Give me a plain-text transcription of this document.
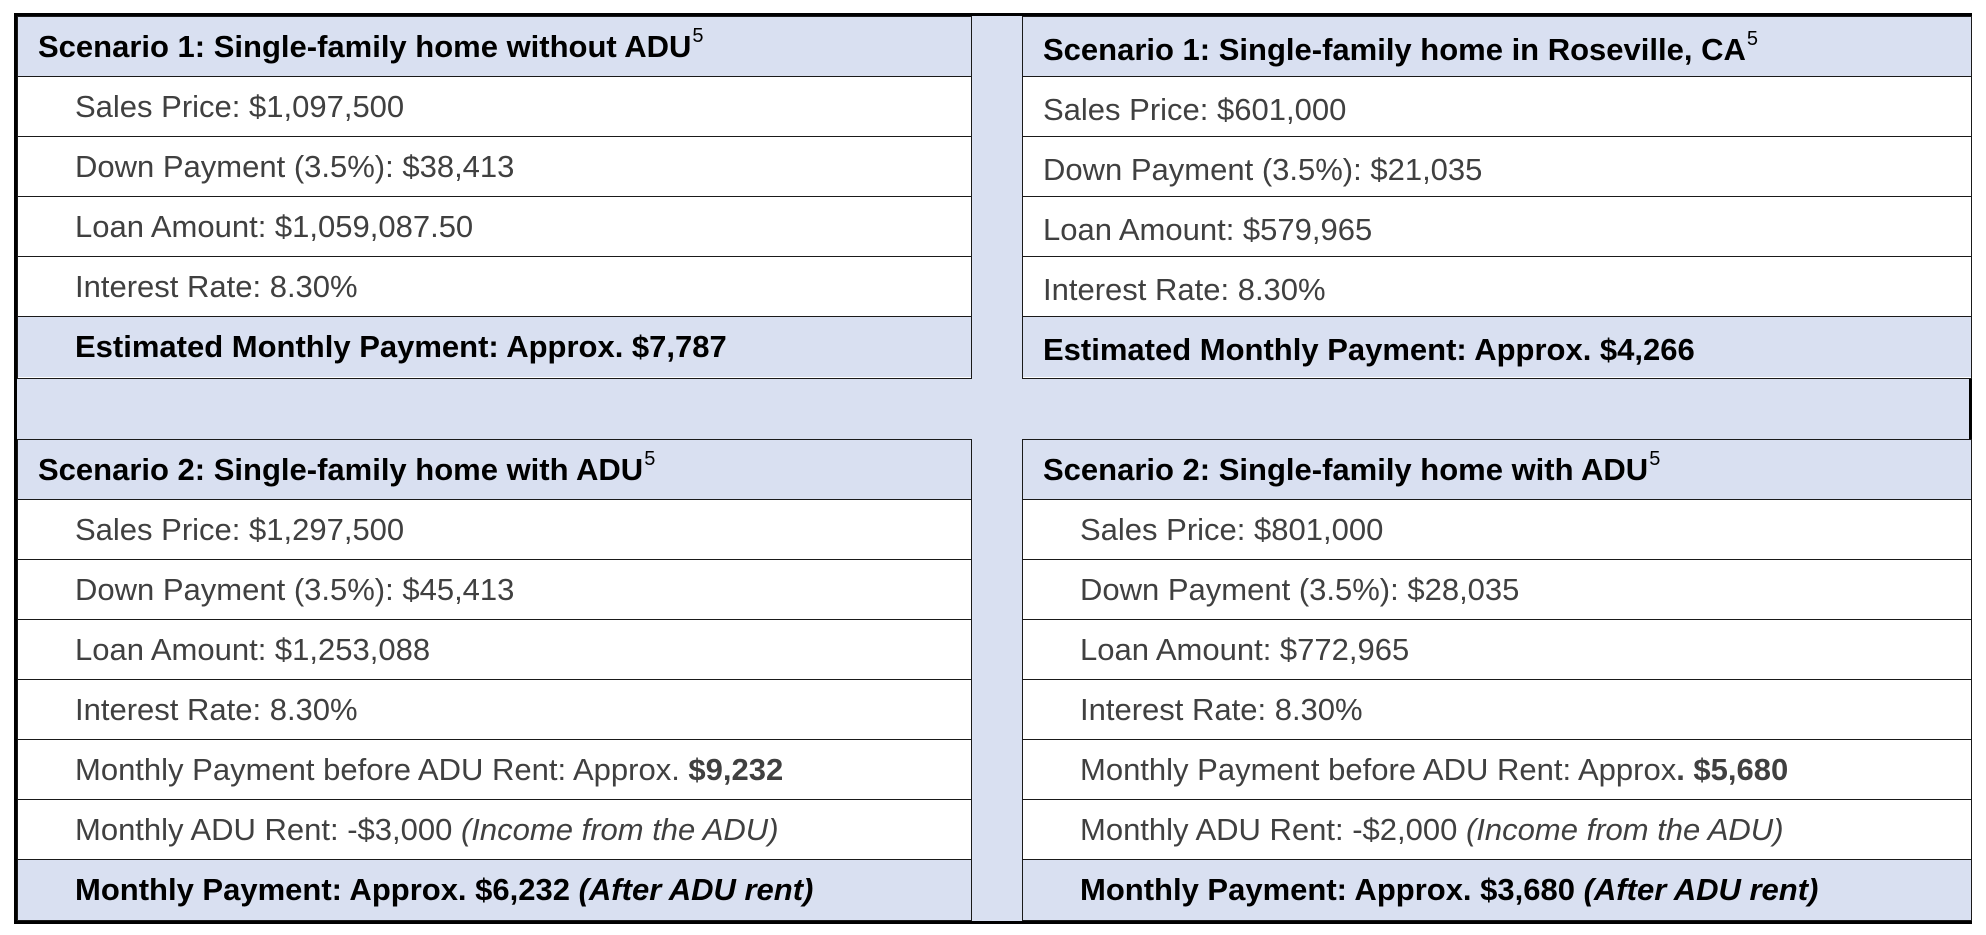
Scenario 1: Single-family home without ADU$^5$
Sales Price: $1,097,500
Down Payment (3.5%): $38,413
Loan Amount: $1,059,087.50
Interest Rate: 8.30%
Estimated Monthly Payment: Approx. $7,787
Scenario 1: Single-family home in Roseville, $CA^5$
Sales Price: $601,000
Down Payment (3.5%): $21,035
Loan Amount: $579,965
Interest Rate: 8.30%
Estimated Monthly Payment: Approx. $4,266
Scenario 2: Single-family home with ADU$^5$
Sales Price: $1,297,500
Down Payment (3.5%): $45,413
Loan Amount: $1,253,088
Interest Rate: 8.30%
Monthly Payment before ADU Rent: Approx. $9,232
Monthly ADU Rent: -$3,000 (Income from the ADU)
Monthly Payment: Approx. $6,232 (After ADU rent)
Scenario 2: Single-family home with ADU$^5$
Sales Price: $801,000
Down Payment (3.5%): $28,035
Loan Amount: $772,965
Interest Rate: 8.30%
Monthly Payment before ADU Rent: Approx . $5,680
Monthly ADU Rent: -$2,000 (Income from the ADU)
Monthly Payment: Approx. $3,680 (After ADU rent)
